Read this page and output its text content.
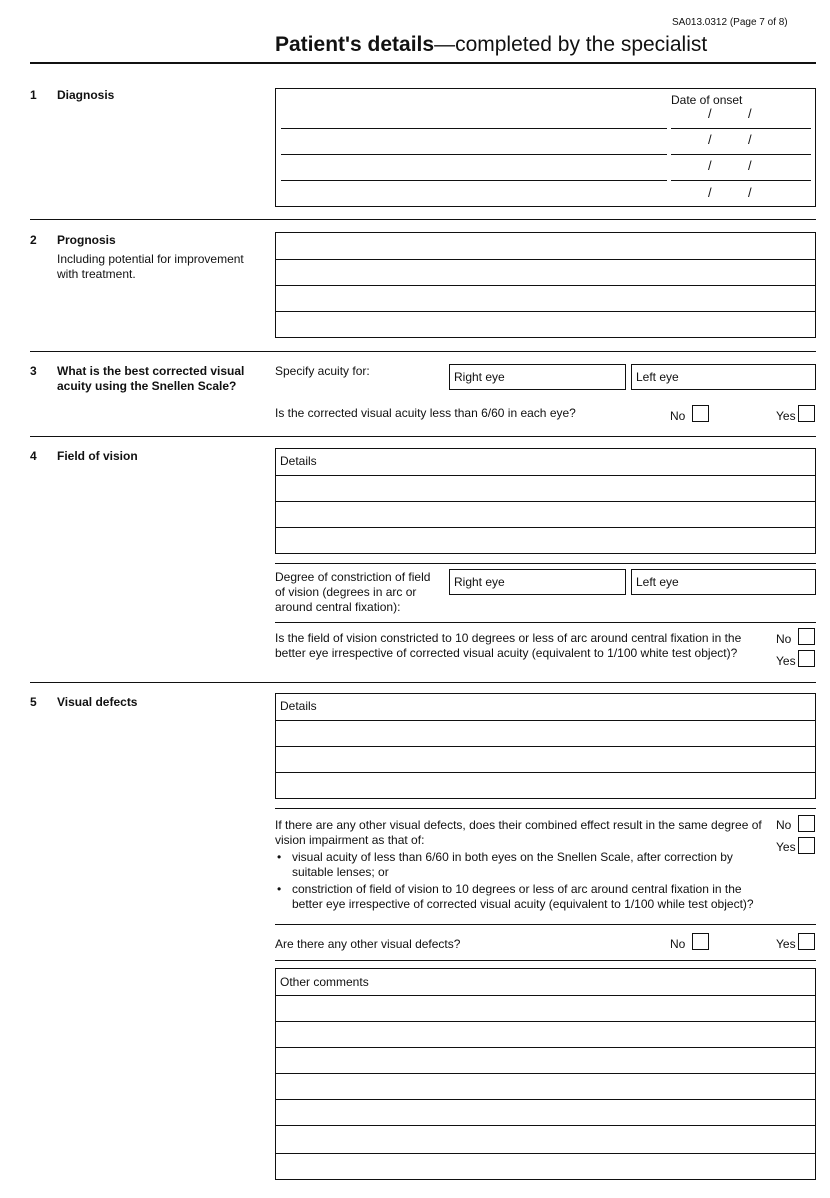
SA013.0312 (Page 7 of 8)
Patient's details—completed by the specialist
1 Diagnosis	Date of onset
/	/
/	/
/	/
/	/
2 Prognosis
Including potential for improvement with treatment.
3 What is the best corrected visual acuity using the Snellen Scale?
Specify acuity for:	Right eye	Left eye
Is the corrected visual acuity less than 6/60 in each eye?	No	Yes
4 Field of vision	Details
Degree of constriction of field of vision (degrees in arc or around central fixation):
Right eye	Left eye
Is the field of vision constricted to 10 degrees or less of arc around central fixation in the better eye irrespective of corrected visual acuity (equivalent to 1/100 white test object)?
No
Yes
5 Visual defects	Details
If there are any other visual defects, does their combined effect result in the same degree of vision impairment as that of:
• visual acuity of less than 6/60 in both eyes on the Snellen Scale, after correction by suitable lenses; or
• constriction of field of vision to 10 degrees or less of arc around central fixation in the better eye irrespective of corrected visual acuity (equivalent to 1/100 while test object)?
No
Yes
Are there any other visual defects?	No	Yes
Other comments
